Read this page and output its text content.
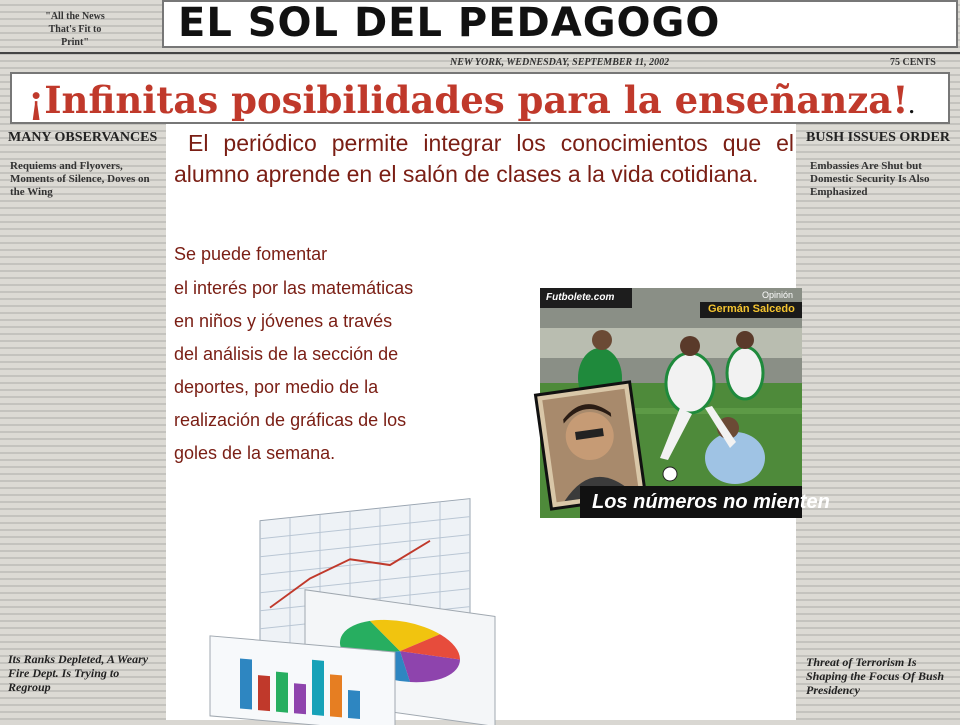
"All the News That's Fit to Print"
NEW YORK, WEDNESDAY, SEPTEMBER 11, 2002	75 CENTS
MANY OBSERVANCES
Requiems and Flyovers, Moments of Silence, Doves on the Wing
BUSH ISSUES ORDER
Embassies Are Shut but Domestic Security Is Also Emphasized
Its Ranks Depleted, A Weary Fire Dept. Is Trying to Regroup
Threat of Terrorism Is Shaping the Focus Of Bush Presidency
EL SOL DEL PEDAGOGO
¡Infinitas posibilidades para la enseñanza!.
El periódico permite integrar los conocimientos que el alumno aprende en el salón de clases a la vida cotidiana.
Se puede fomentar
el interés por las matemáticas
en niños y jóvenes a través
del análisis de la sección de
deportes, por medio de la
realización de gráficas de los
goles de la semana.
Futbolete.com	Opinión
Germán Salcedo
Los números no mienten
